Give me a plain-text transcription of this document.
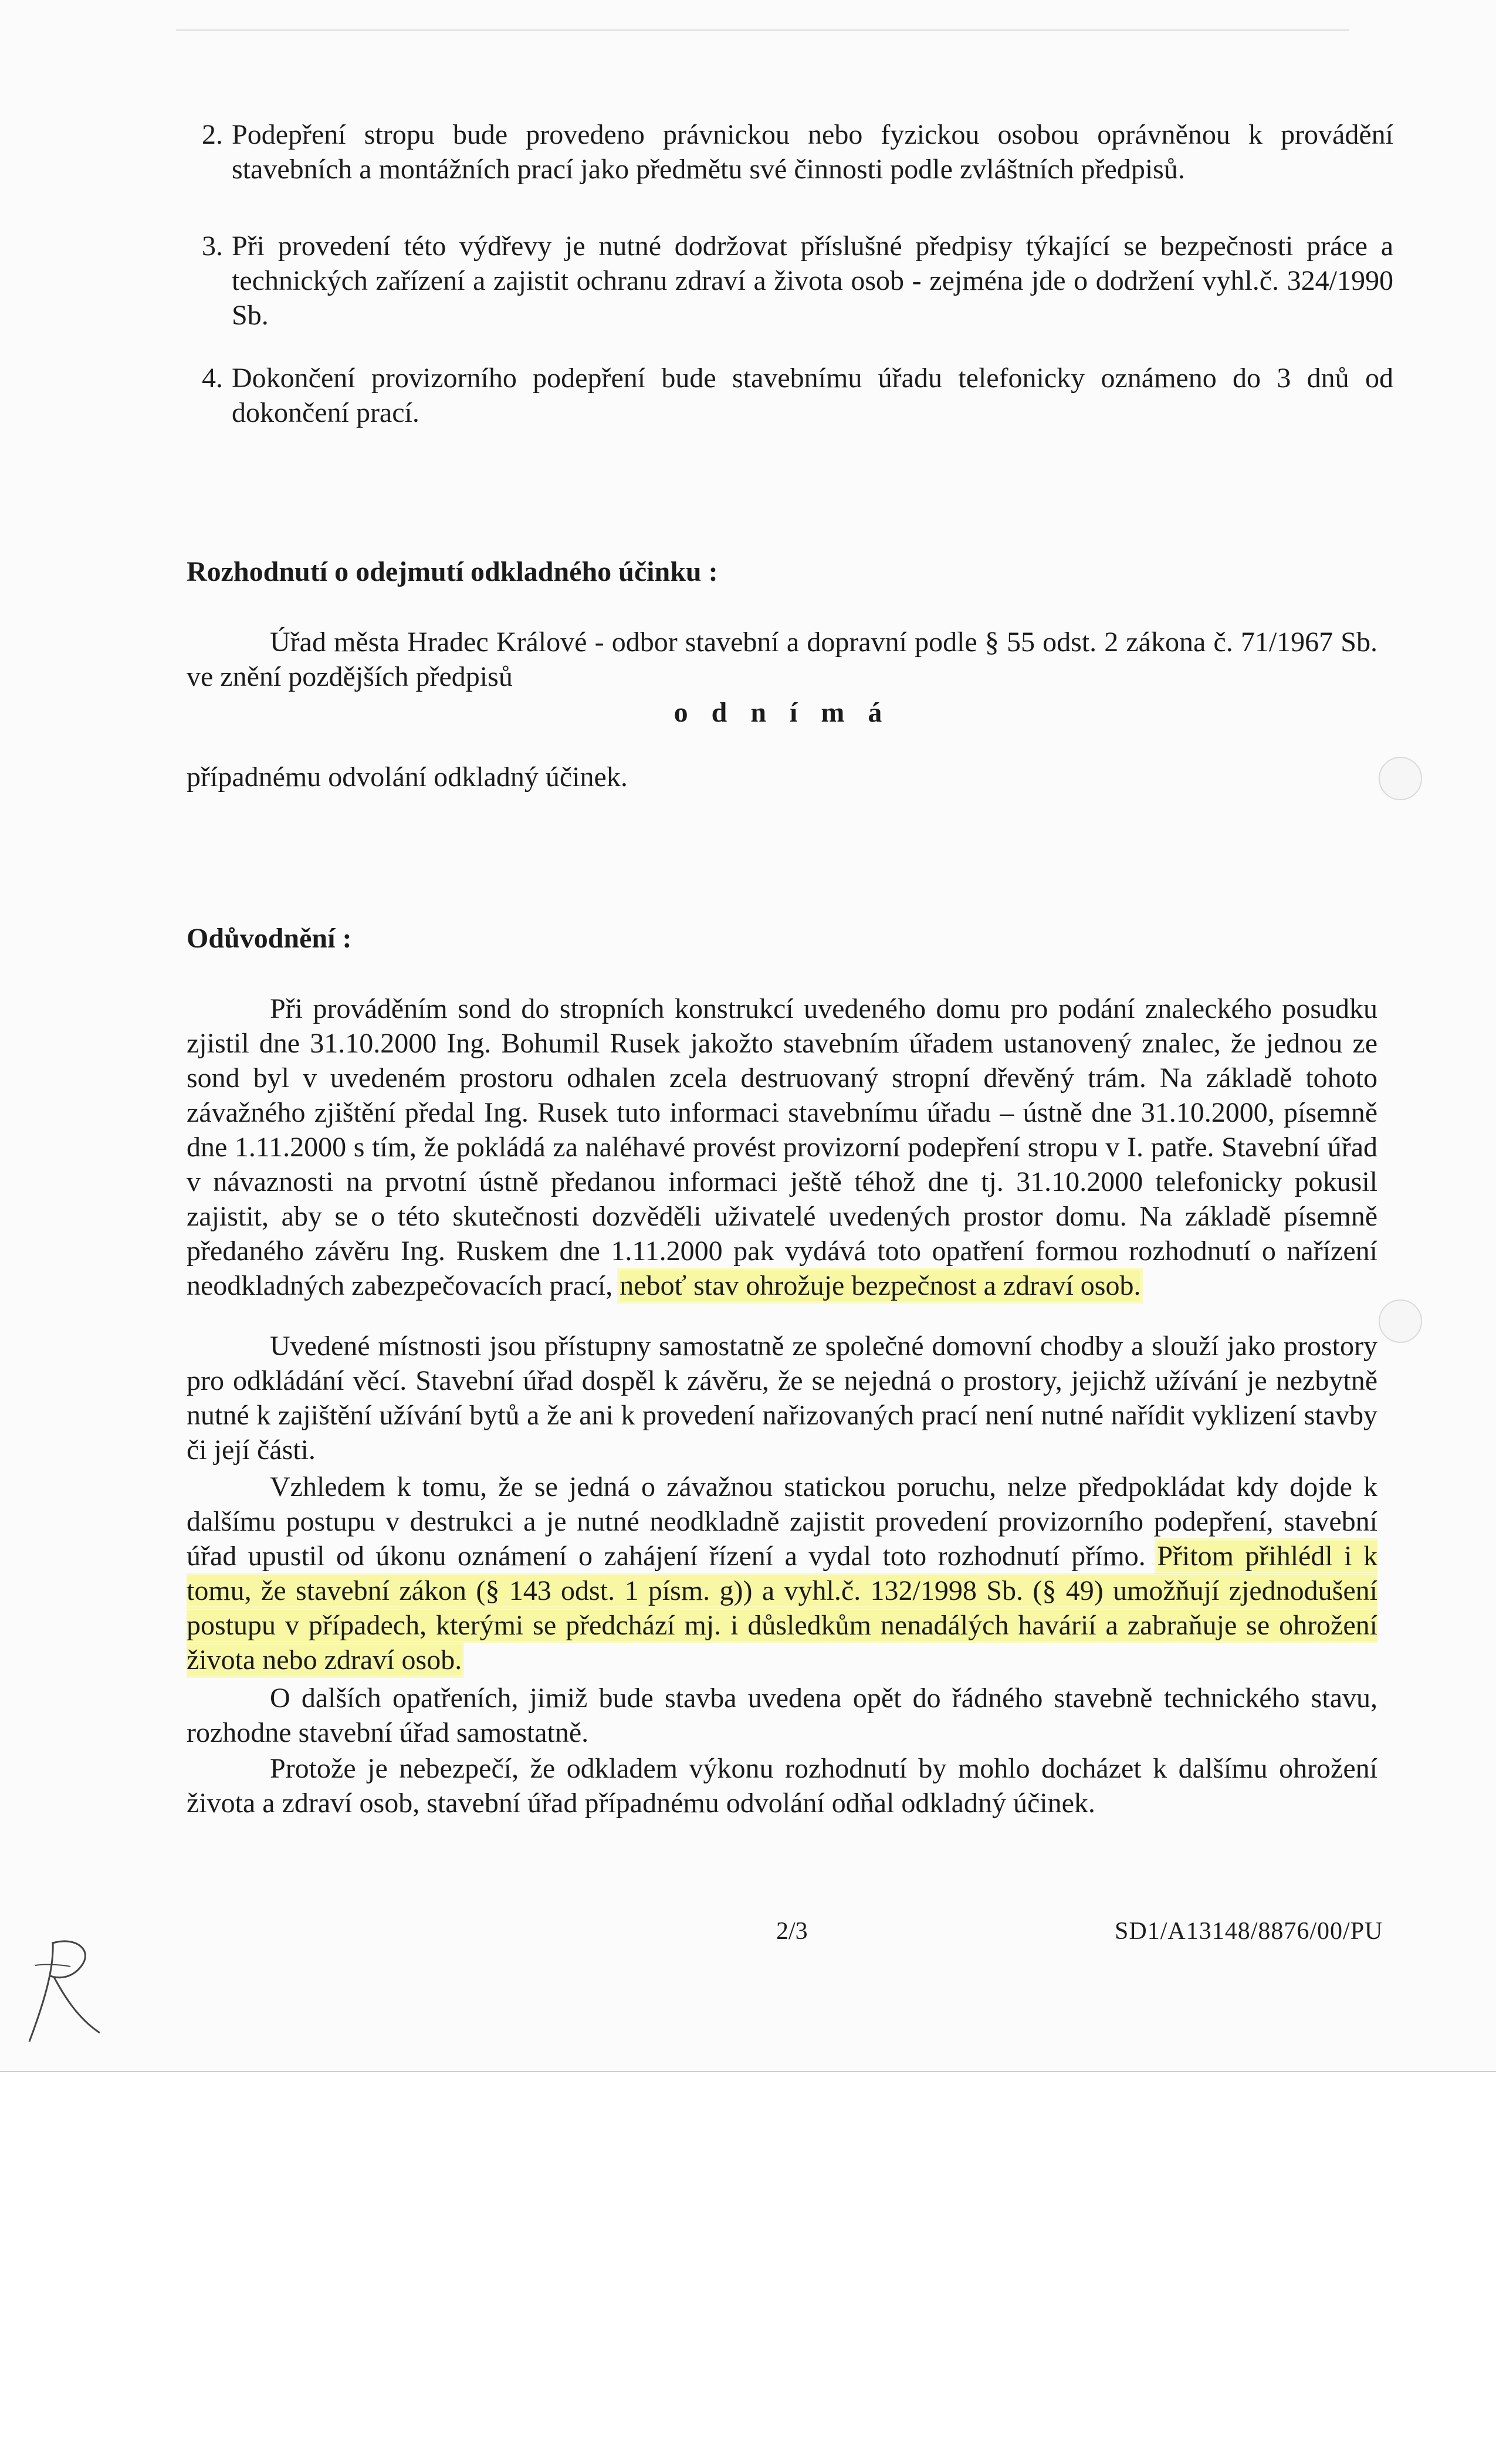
2. Podepření stropu bude provedeno právnickou nebo fyzickou osobou oprávněnou k provádění stavebních a montážních prací jako předmětu své činnosti podle zvláštních předpisů.
3. Při provedení této výdřevy je nutné dodržovat příslušné předpisy týkající se bezpečnosti práce a technických zařízení a zajistit ochranu zdraví a života osob - zejména jde o dodržení vyhl.č. 324/1990 Sb.
4. Dokončení provizorního podepření bude stavebnímu úřadu telefonicky oznámeno do 3 dnů od dokončení prací.
Rozhodnutí o odejmutí odkladného účinku :
Úřad města Hradec Králové - odbor stavební a dopravní podle § 55 odst. 2 zákona č. 71/1967 Sb. ve znění pozdějších předpisů
o d n í m á
případnému odvolání odkladný účinek.
Odůvodnění :
Při prováděním sond do stropních konstrukcí uvedeného domu pro podání znaleckého posudku zjistil dne 31.10.2000 Ing. Bohumil Rusek jakožto stavebním úřadem ustanovený znalec, že jednou ze sond byl v uvedeném prostoru odhalen zcela destruovaný stropní dřevěný trám. Na základě tohoto závažného zjištění předal Ing. Rusek tuto informaci stavebnímu úřadu – ústně dne 31.10.2000, písemně dne 1.11.2000 s tím, že pokládá za naléhavé provést provizorní podepření stropu v I. patře. Stavební úřad v návaznosti na prvotní ústně předanou informaci ještě téhož dne tj. 31.10.2000 telefonicky pokusil zajistit, aby se o této skutečnosti dozvěděli uživatelé uvedených prostor domu. Na základě písemně předaného závěru Ing. Ruskem dne 1.11.2000 pak vydává toto opatření formou rozhodnutí o nařízení neodkladných zabezpečovacích prací, neboť stav ohrožuje bezpečnost a zdraví osob.
Uvedené místnosti jsou přístupny samostatně ze společné domovní chodby a slouží jako prostory pro odkládání věcí. Stavební úřad dospěl k závěru, že se nejedná o prostory, jejichž užívání je nezbytně nutné k zajištění užívání bytů a že ani k provedení nařizovaných prací není nutné nařídit vyklizení stavby či její části.
Vzhledem k tomu, že se jedná o závažnou statickou poruchu, nelze předpokládat kdy dojde k dalšímu postupu v destrukci a je nutné neodkladně zajistit provedení provizorního podepření, stavební úřad upustil od úkonu oznámení o zahájení řízení a vydal toto rozhodnutí přímo. Přitom přihlédl i k tomu, že stavební zákon (§ 143 odst. 1 písm. g)) a vyhl.č. 132/1998 Sb. (§ 49) umožňují zjednodušení postupu v případech, kterými se předchází mj. i důsledkům nenadálých havárií a zabraňuje se ohrožení života nebo zdraví osob.
O dalších opatřeních, jimiž bude stavba uvedena opět do řádného stavebně technického stavu, rozhodne stavební úřad samostatně.
Protože je nebezpečí, že odkladem výkonu rozhodnutí by mohlo docházet k dalšímu ohrožení života a zdraví osob, stavební úřad případnému odvolání odňal odkladný účinek.
2/3	SD1/A13148/8876/00/PU
